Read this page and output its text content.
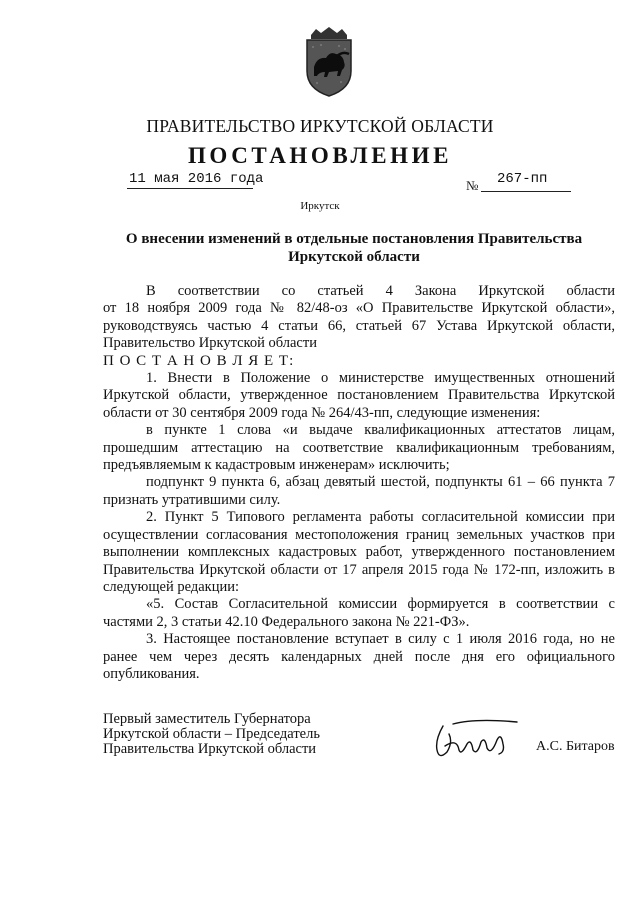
ПРАВИТЕЛЬСТВО ИРКУТСКОЙ ОБЛАСТИ
ПОСТАНОВЛЕНИЕ
11 мая 2016 года	№ 267-пп
Иркутск
О внесении изменений в отдельные постановления Правительства Иркутской области

В соответствии со статьей 4 Закона Иркутской области

от 18 ноября 2009 года № 82/48-оз «О Правительстве Иркутской области», руководствуясь частью 4 статьи 66, статьей 67 Устава Иркутской области, Правительство Иркутской области

П О С Т А Н О В Л Я Е Т:

1. Внести в Положение о министерстве имущественных отношений Иркутской области, утвержденное постановлением Правительства Иркутской области от 30 сентября 2009 года № 264/43-пп, следующие изменения:

в пункте 1 слова «и выдаче квалификационных аттестатов лицам, прошедшим аттестацию на соответствие квалификационным требованиям, предъявляемым к кадастровым инженерам» исключить;

подпункт 9 пункта 6, абзац девятый шестой, подпункты 61 – 66 пункта 7 признать утратившими силу.

2. Пункт 5 Типового регламента работы согласительной комиссии при осуществлении согласования местоположения границ земельных участков при выполнении комплексных кадастровых работ, утвержденного постановлением Правительства Иркутской области от 17 апреля 2015 года № 172-пп, изложить в следующей редакции:

«5. Состав Согласительной комиссии формируется в соответствии с частями 2, 3 статьи 42.10 Федерального закона № 221-ФЗ».

3. Настоящее постановление вступает в силу с 1 июля 2016 года, но не ранее чем через десять календарных дней после дня его официального опубликования.

Первый заместитель Губернатора
Иркутской области – Председатель
Правительства Иркутской области	А.С. Битаров
